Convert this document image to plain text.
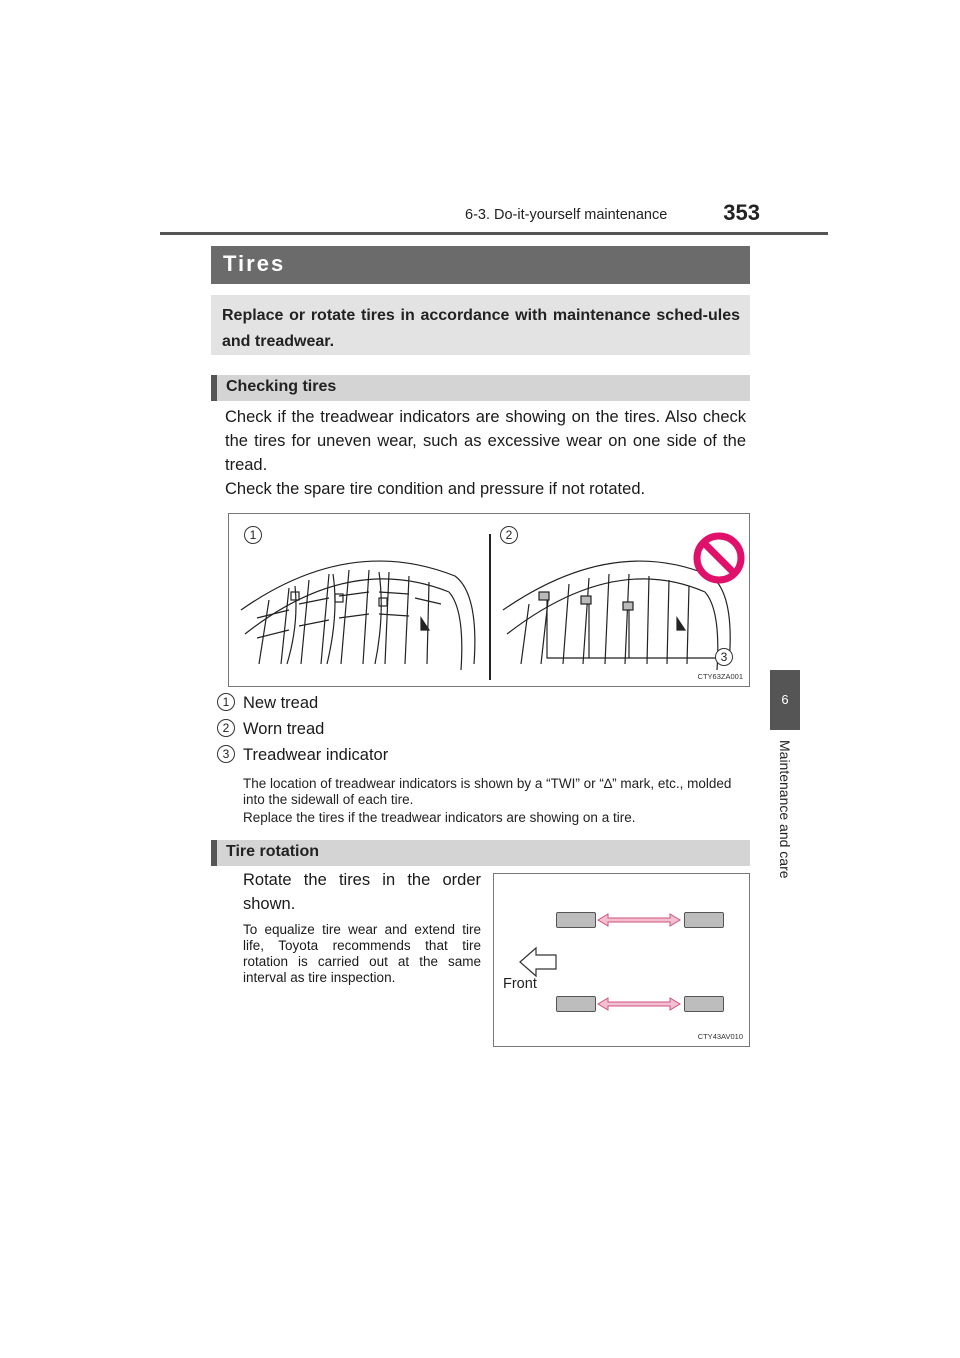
6-3. Do-it-yourself maintenance	353
6
Maintenance and care
Tires
Replace or rotate tires in accordance with maintenance sched-ules and treadwear.
Checking tires
Check if the treadwear indicators are showing on the tires. Also check the tires for uneven wear, such as excessive wear on one side of the tread.
Check the spare tire condition and pressure if not rotated.
1	2
3
CTY63ZA001
1 New tread
2 Worn tread
3 Treadwear indicator
The location of treadwear indicators is shown by a “TWI” or “∆” mark, etc., molded into the sidewall of each tire.
Replace the tires if the treadwear indicators are showing on a tire.
Tire rotation
Rotate the tires in the order shown.
To equalize tire wear and extend tire life, Toyota recommends that tire rotation is carried out at the same interval as tire inspection.
CTY43AV010
Front
